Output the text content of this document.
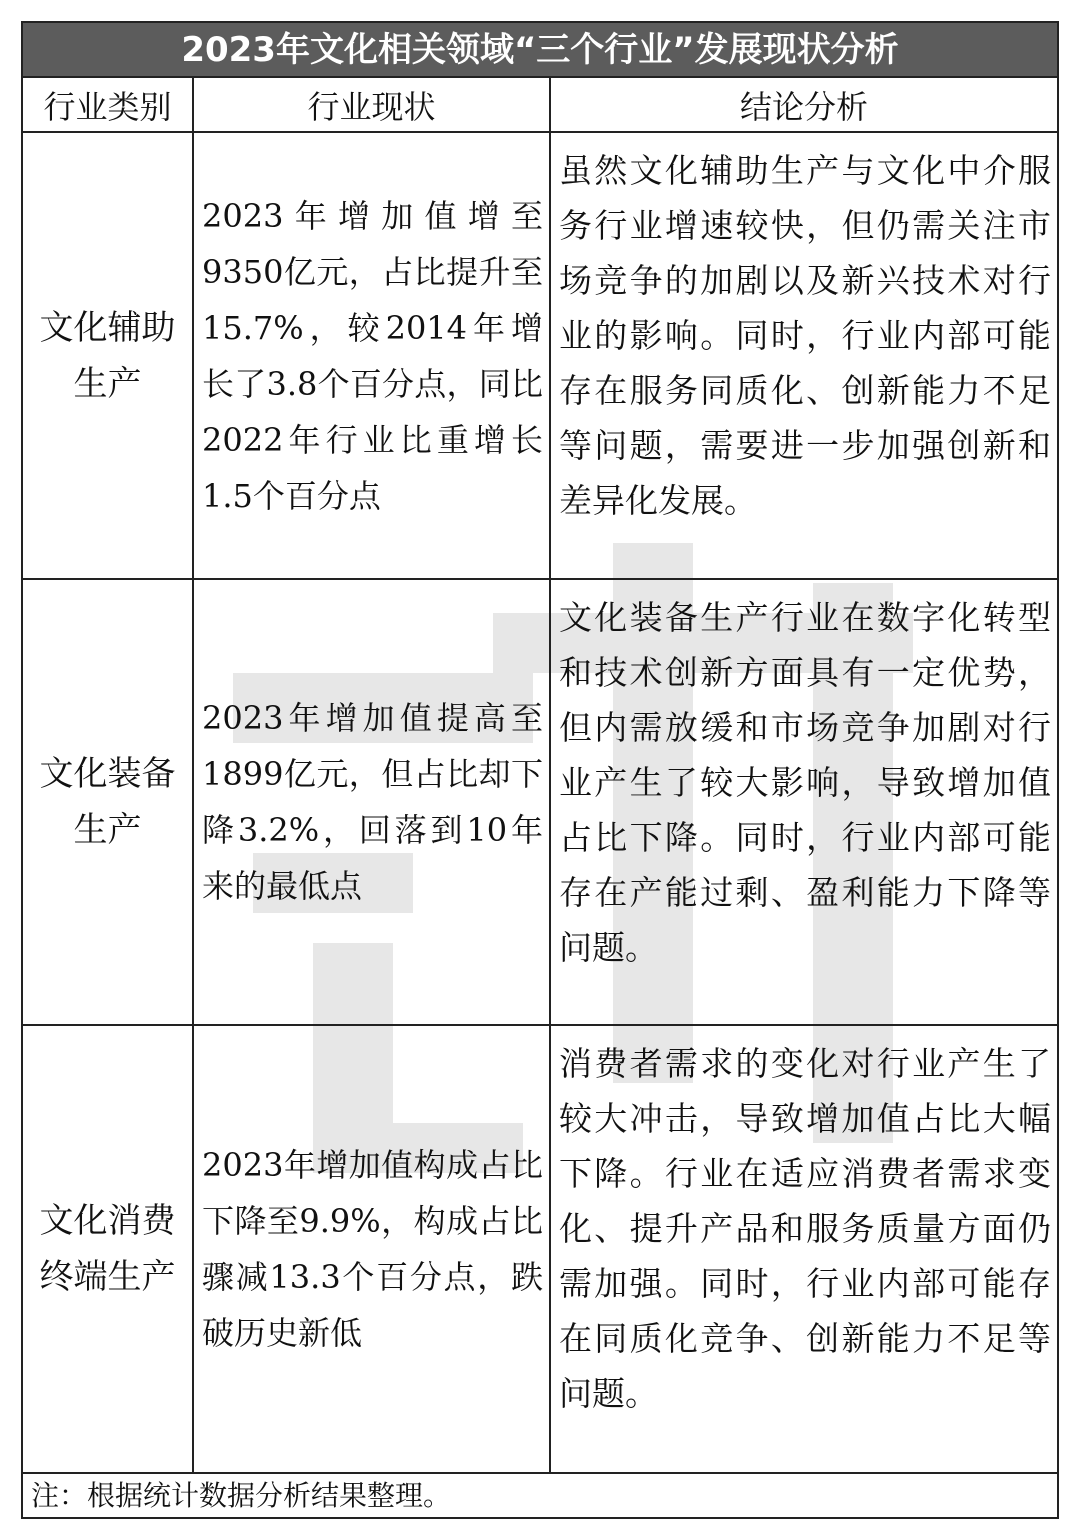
2023年文化相关领域“三个行业”发展现状分析
行业类别	行业现状	结论分析
文化辅助生产
2023年增加值增至9350亿元，占比提升至15.7%，较2014年增长了3.8个百分点，同比2022年行业比重增长1.5个百分点
虽然文化辅助生产与文化中介服务行业增速较快，但仍需关注市场竞争的加剧以及新兴技术对行业的影响。同时，行业内部可能存在服务同质化、创新能力不足等问题，需要进一步加强创新和差异化发展。
文化装备生产
2023年增加值提高至1899亿元，但占比却下降3.2%，回落到10年来的最低点
文化装备生产行业在数字化转型和技术创新方面具有一定优势，但内需放缓和市场竞争加剧对行业产生了较大影响，导致增加值占比下降。同时，行业内部可能存在产能过剩、盈利能力下降等问题。
文化消费终端生产
2023年增加值构成占比下降至9.9%，构成占比骤减13.3个百分点，跌破历史新低
消费者需求的变化对行业产生了较大冲击，导致增加值占比大幅下降。行业在适应消费者需求变化、提升产品和服务质量方面仍需加强。同时，行业内部可能存在同质化竞争、创新能力不足等问题。
注：根据统计数据分析结果整理。
